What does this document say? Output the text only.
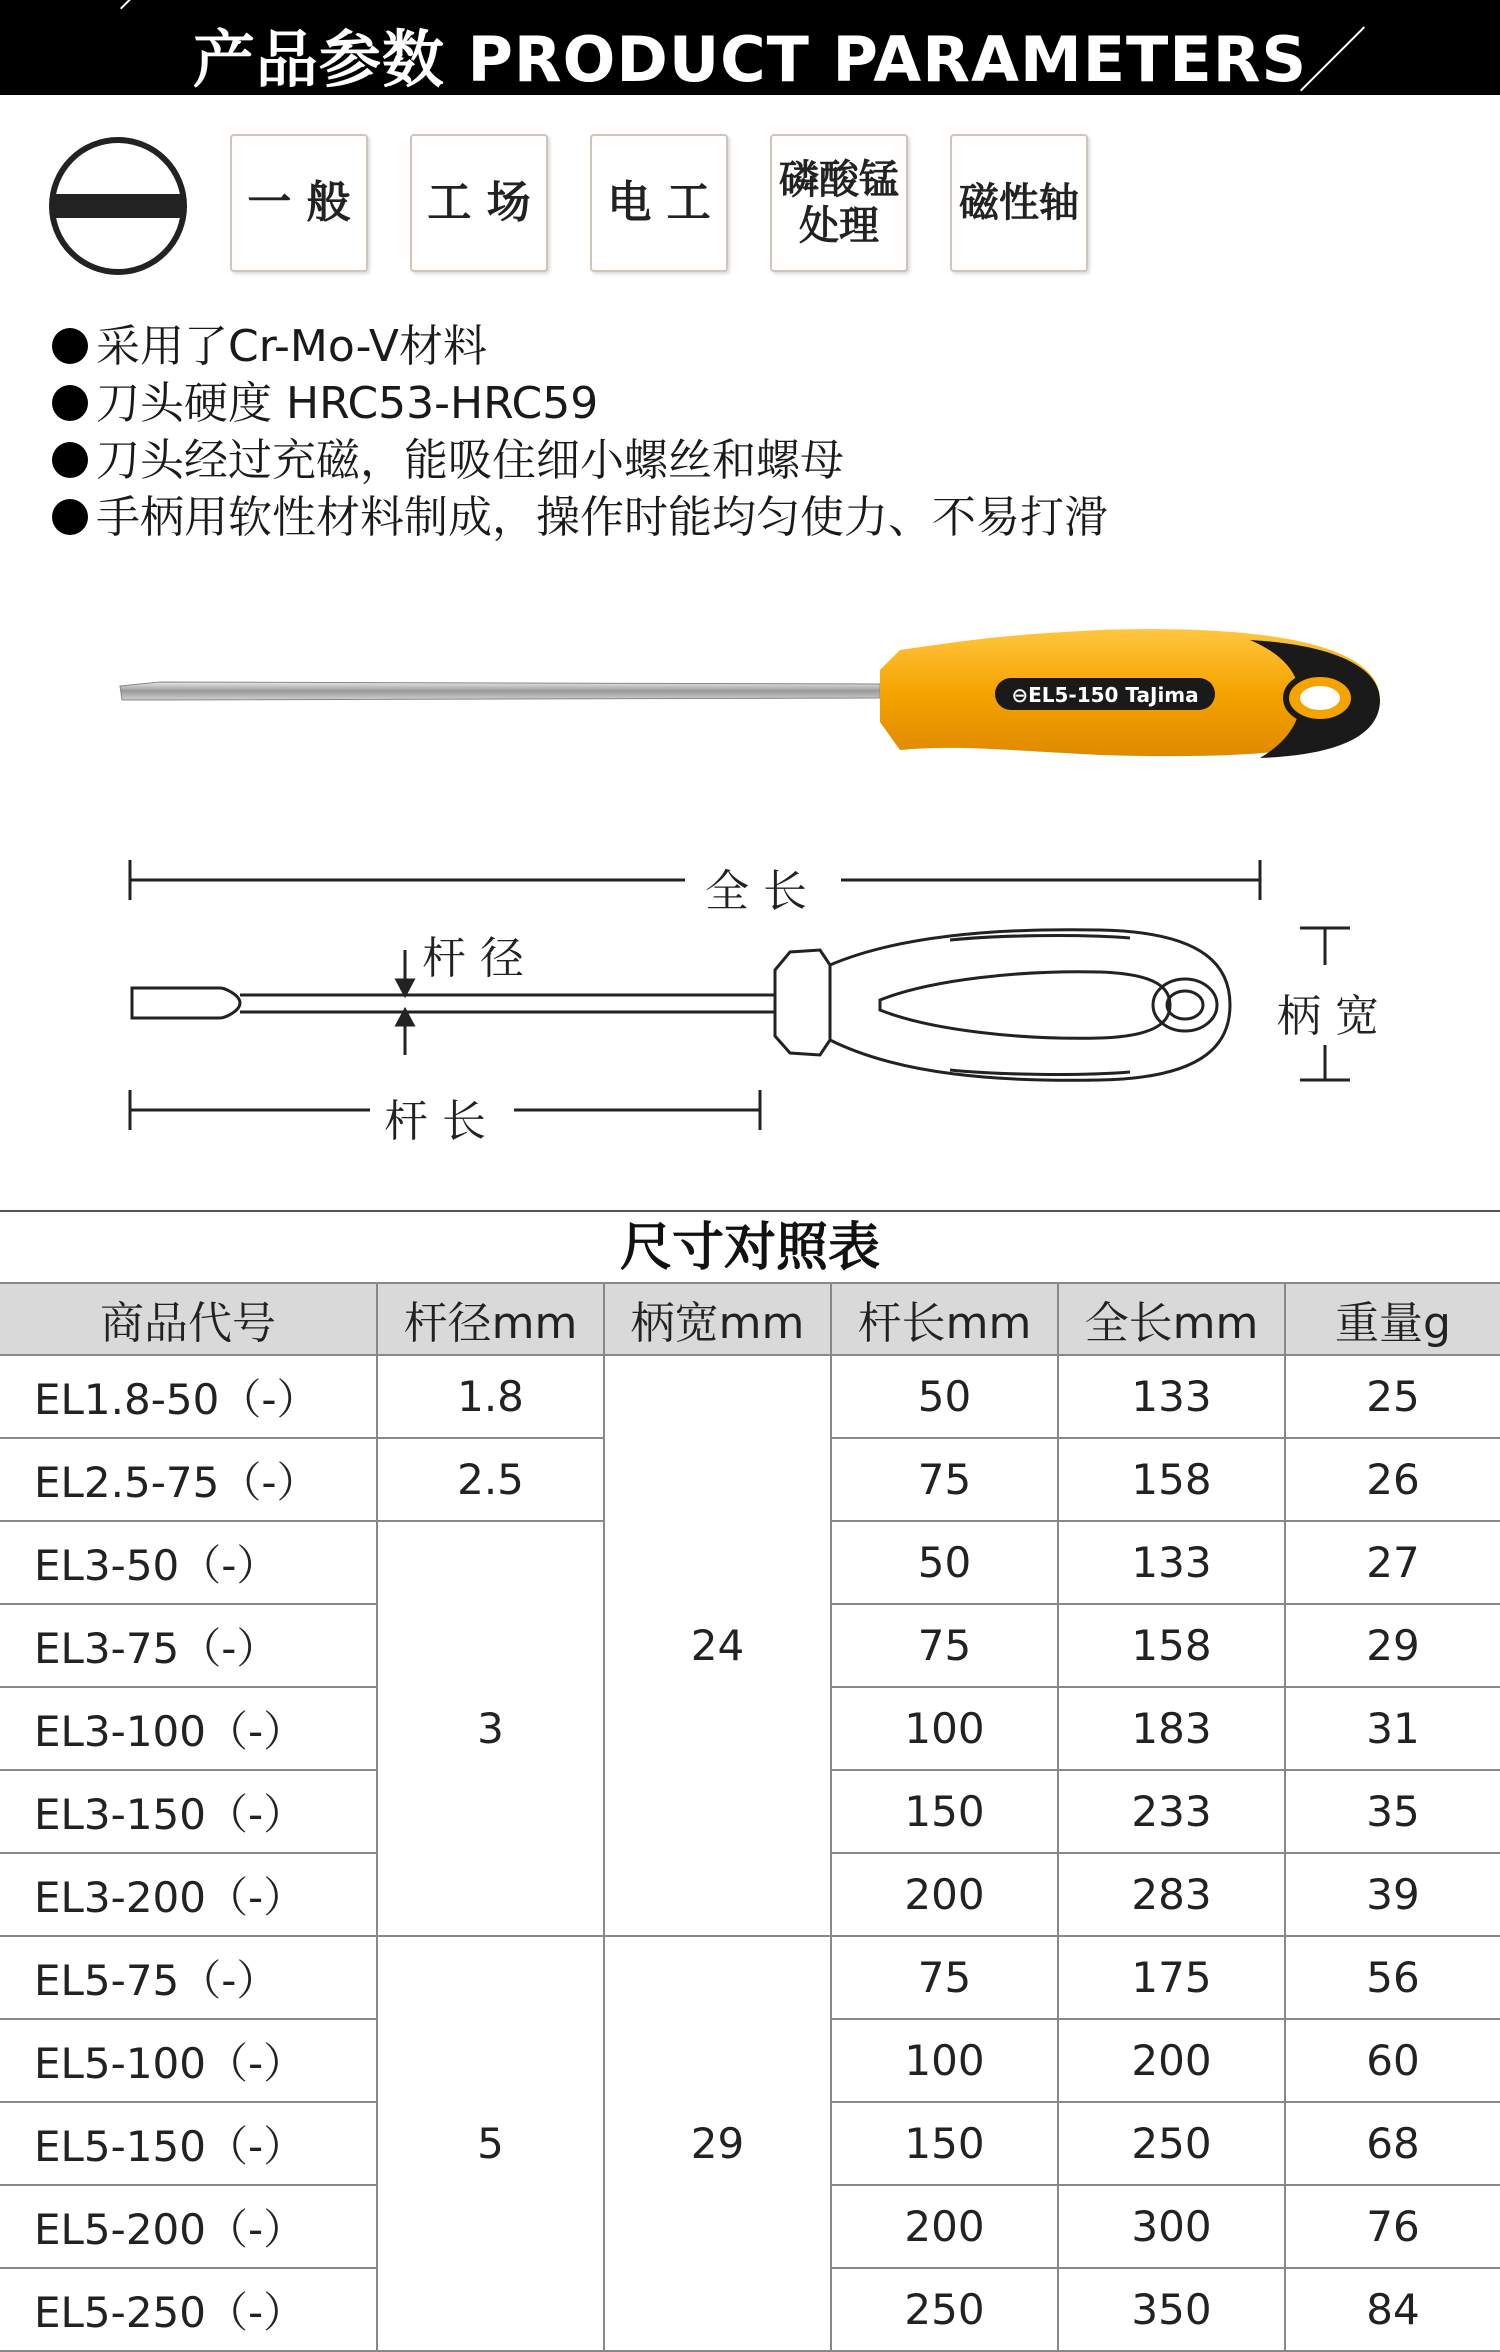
产品参数 PRODUCT PARAMETERS
一 般 工 场 电 工 磷酸锰
处理	磁性轴
采用了Cr-Mo-V材料
刀头硬度 HRC53-HRC59
刀头经过充磁，能吸住细小螺丝和螺母
手柄用软性材料制成，操作时能均匀使力、不易打滑
⊖EL5-150 TaJima
全长
杆径
柄宽
杆长
尺寸对照表
商品代号	杆径mm	柄宽mm	杆长mm	全长mm	重量g
EL1.8-50（-）	1.8	24	50	133	25
EL2.5-75（-）	2.5		75	158	26
EL3-50（-）	3		50	133	27
EL3-75（-）			75	158	29
EL3-100（-）			100	183	31
EL3-150（-）			150	233	35
EL3-200（-）			200	283	39
EL5-75（-）	5	29	75	175	56
EL5-100（-）			100	200	60
EL5-150（-）			150	250	68
EL5-200（-）			200	300	76
EL5-250（-）			250	350	84
